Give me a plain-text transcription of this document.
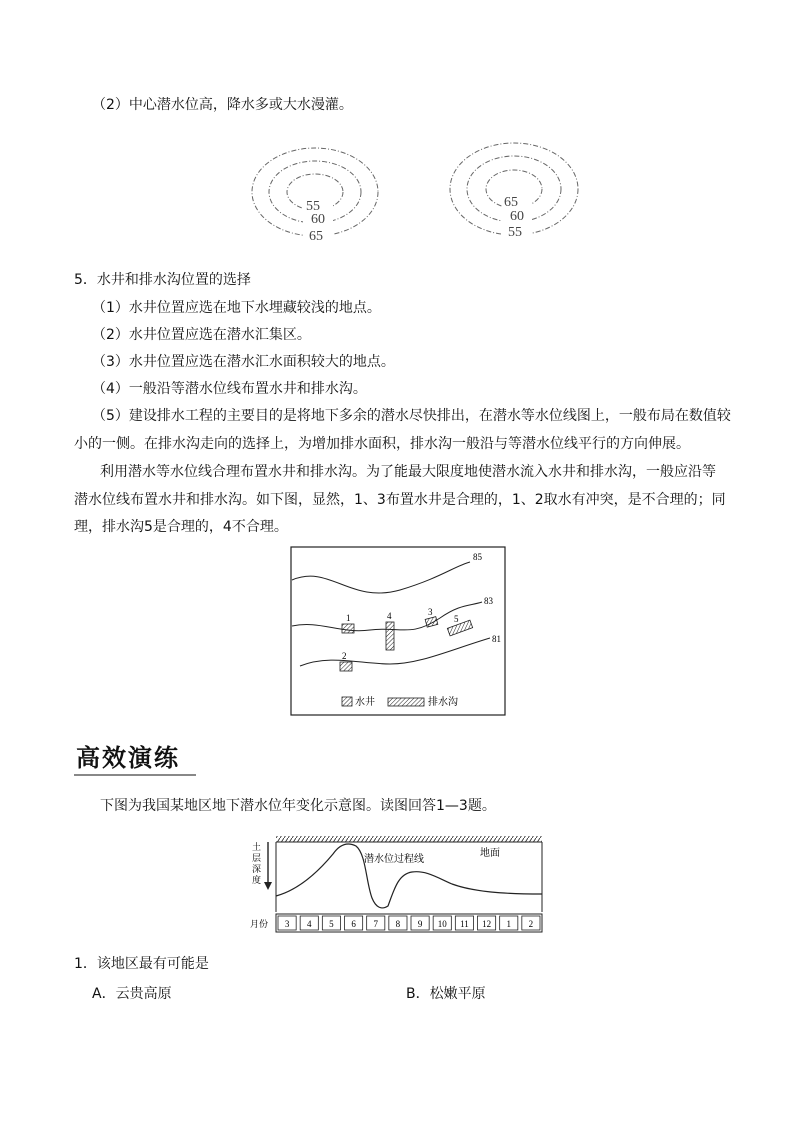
（2）中心潜水位高，降水多或大水漫灌。
55
60
65
65
60
55
5．水井和排水沟位置的选择
（1）水井位置应选在地下水埋藏较浅的地点。
（2）水井位置应选在潜水汇集区。
（3）水井位置应选在潜水汇水面积较大的地点。
（4）一般沿等潜水位线布置水井和排水沟。
（5）建设排水工程的主要目的是将地下多余的潜水尽快排出，在潜水等水位线图上，一般布局在数值较
小的一侧。在排水沟走向的选择上，为增加排水面积，排水沟一般沿与等潜水位线平行的方向伸展。
利用潜水等水位线合理布置水井和排水沟。为了能最大限度地使潜水流入水井和排水沟，一般应沿等
潜水位线布置水井和排水沟。如下图，显然，1、3布置水井是合理的，1、2取水有冲突，是不合理的；同
理，排水沟5是合理的，4不合理。
85
83
81
1
2
4	3
5
水井	排水沟
高效演练
下图为我国某地区地下潜水位年变化示意图。读图回答1—3题。
土
层
深
度
地面
潜水位过程线
月份 3 4 5 6 7 8 9 10 11 12 1 2
1．该地区最有可能是
A．云贵高原	B．松嫩平原
